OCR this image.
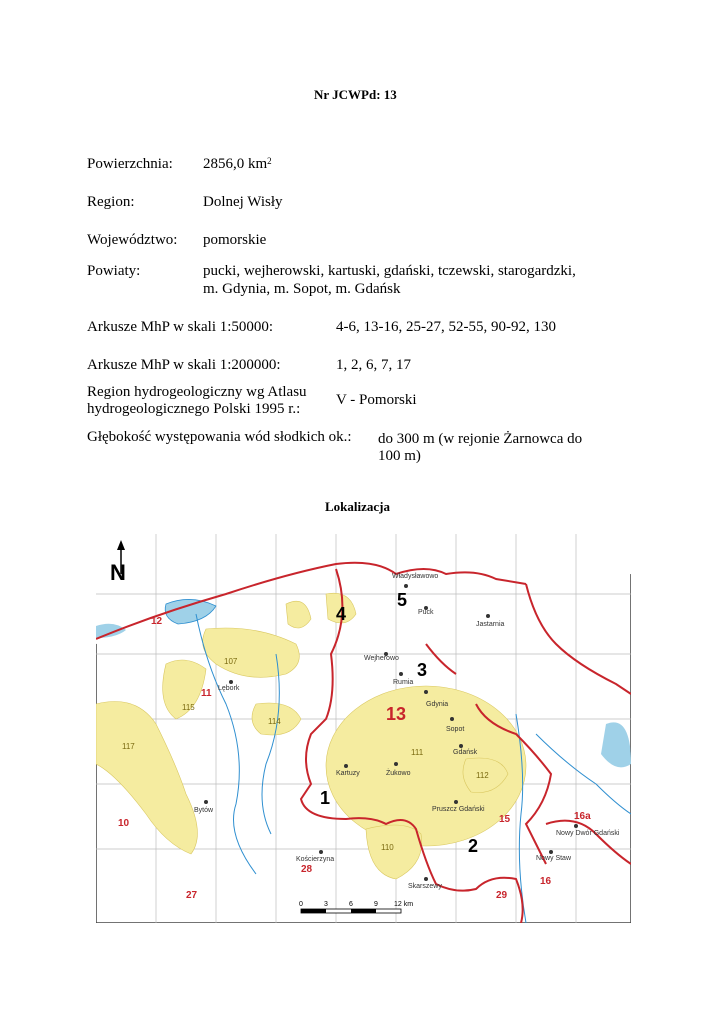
Nr JCWPd: 13
Powierzchnia: 2856,0 $km^2$
Region:	Dolnej Wisły
Województwo: pomorskie
Powiaty:	pucki, wejherowski, kartuski, gdański, tczewski, starogardzki,
m. Gdynia, m. Sopot, m. Gdańsk
Arkusze MhP w skali 1:50000:	4-6, 13-16, 25-27, 52-55, 90-92, 130
Arkusze MhP w skali 1:200000:	1, 2, 6, 7, 17
Region hydrogeologiczny wg Atlasu
hydrogeologicznego Polski 1995 r.:
V - Pomorski
Głębokość występowania wód słodkich ok.: do 300 m (w rejonie Żarnowca do
100 m)
Lokalizacja
N
1
2
3
4
5
13
12
11
10
27
28
29
15
16
16a
115
114
117
111
112
110
107
Lębork
Wejherowo
Rumia
Gdynia
Sopot
Gdańsk
Kartuzy	Żukowo
Pruszcz Gdański
Bytów
Kościerzyna
Skarszewy
Nowy Staw
Nowy Dwór Gdański
Puck
Jastarnia
Władysławowo
0	3	6	9 12 km
